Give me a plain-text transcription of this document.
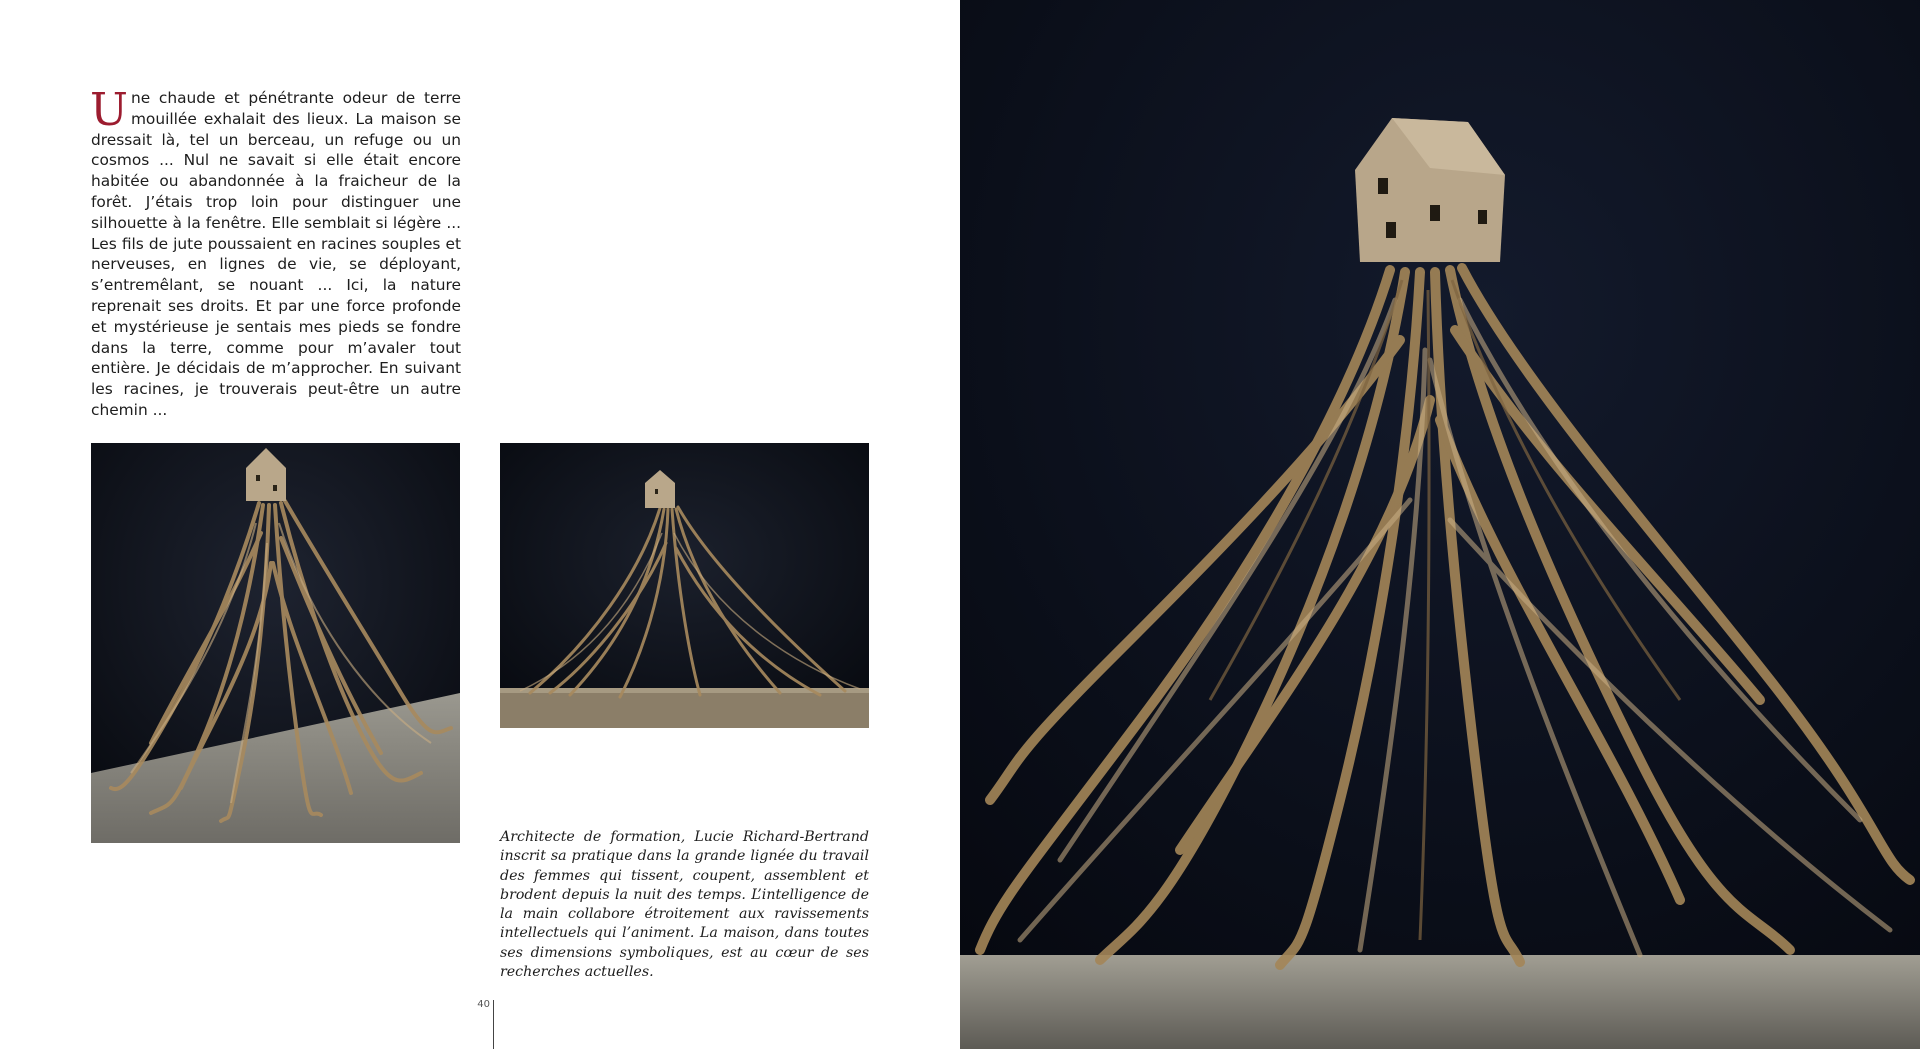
Une chaude et pénétrante odeur de terre mouillée exhalait des lieux. La maison se dressait là, tel un berceau, un refuge ou un cosmos ... Nul ne savait si elle était encore habitée ou abandonnée à la fraicheur de la forêt. J’étais trop loin pour distinguer une silhouette à la fenêtre. Elle semblait si légère ... Les fils de jute poussaient en racines souples et nerveuses, en lignes de vie, se déployant, s’entremêlant, se nouant ... Ici, la nature reprenait ses droits. Et par une force profonde et mystérieuse je sentais mes pieds se fondre dans la terre, comme pour m’avaler tout entière. Je décidais de m’approcher. En suivant les racines, je trouverais peut-être un autre chemin ...

Architecte de formation, Lucie Richard-Bertrand inscrit sa pratique dans la grande lignée du travail des femmes qui tissent, coupent, assemblent et brodent depuis la nuit des temps. L’intelligence de la main collabore étroitement aux ravissements intellectuels qui l’animent. La maison, dans toutes ses dimensions symboliques, est au cœur de ses recherches actuelles.

40
